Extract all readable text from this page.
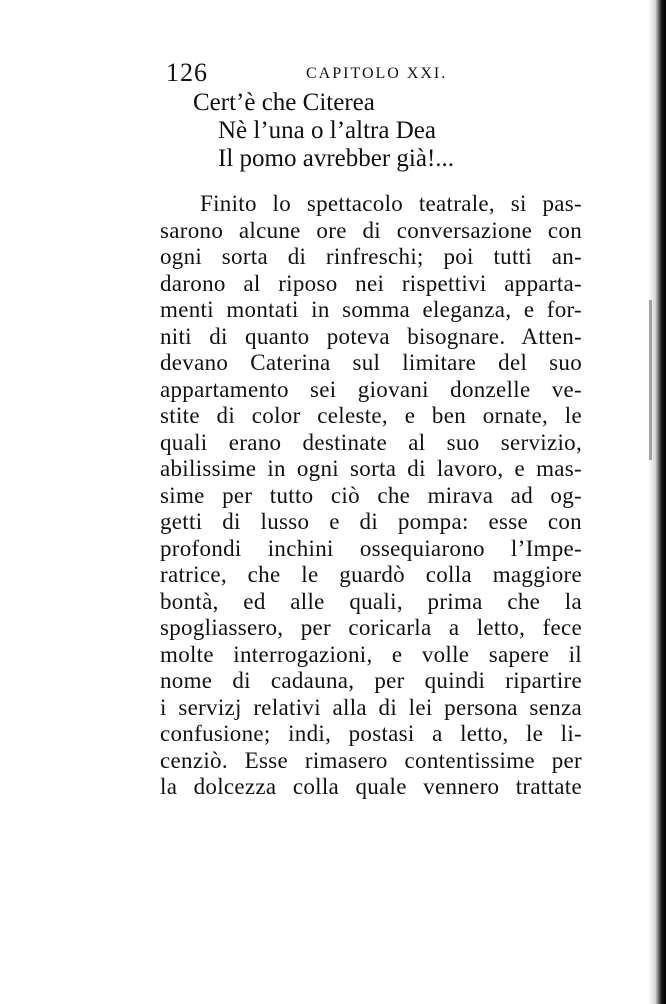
126	CAPITOLO XXI.
Cert’è che Citerea
Nè l’una o l’altra Dea
Il pomo avrebber già!...
Finito lo spettacolo teatrale, si pas-
sarono alcune ore di conversazione con
ogni sorta di rinfreschi; poi tutti an-
darono al riposo nei rispettivi apparta-
menti montati in somma eleganza, e for-
niti di quanto poteva bisognare. Atten-
devano Caterina sul limitare del suo
appartamento sei giovani donzelle ve-
stite di color celeste, e ben ornate, le
quali erano destinate al suo servizio,
abilissime in ogni sorta di lavoro, e mas-
sime per tutto ciò che mirava ad og-
getti di lusso e di pompa: esse con
profondi inchini ossequiarono l’Impe-
ratrice, che le guardò colla maggiore
bontà, ed alle quali, prima che la
spogliassero, per coricarla a letto, fece
molte interrogazioni, e volle sapere il
nome di cadauna, per quindi ripartire
i servizj relativi alla di lei persona senza
confusione; indi, postasi a letto, le li-
cenziò. Esse rimasero contentissime per
la dolcezza colla quale vennero trattate
